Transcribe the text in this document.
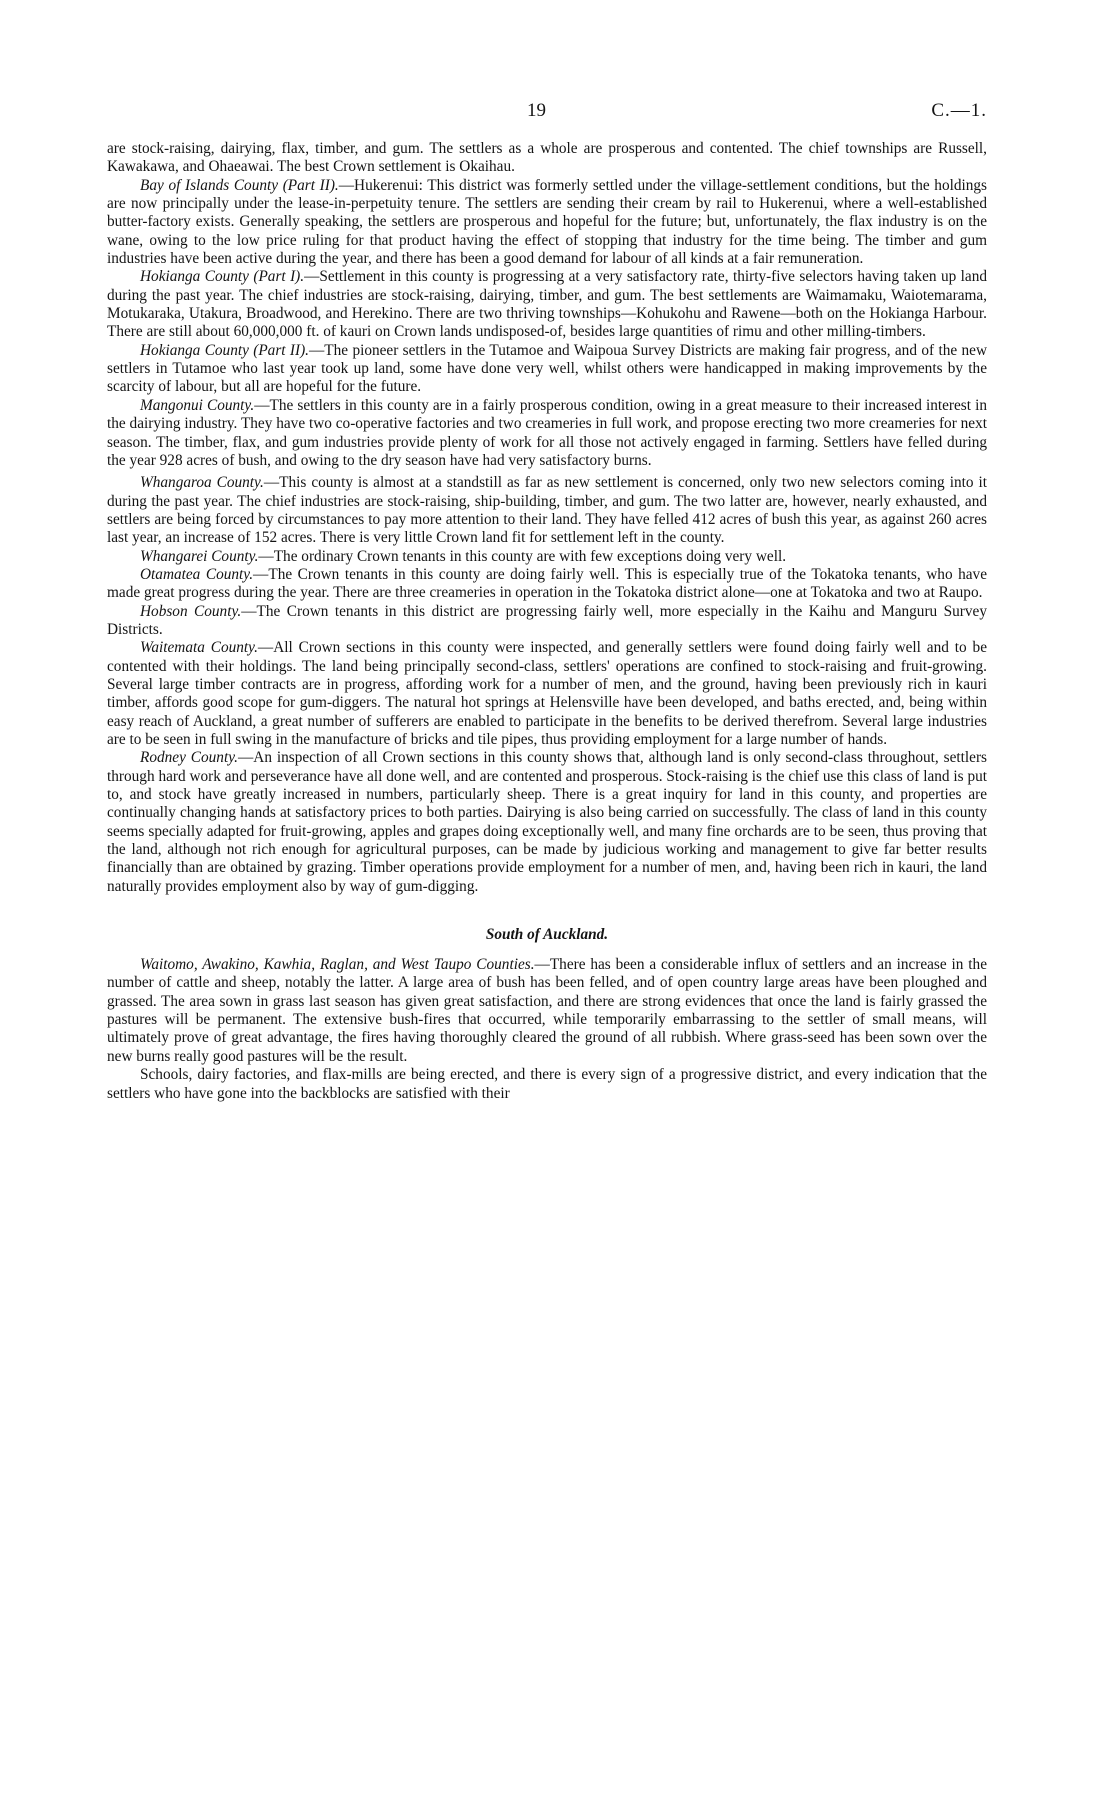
19	C.—1.

are stock-raising, dairying, flax, timber, and gum. The settlers as a whole are prosperous and contented. The chief townships are Russell, Kawakawa, and Ohaeawai. The best Crown settlement is Okaihau.

Bay of Islands County (Part II).—Hukerenui: This district was formerly settled under the village-settlement conditions, but the holdings are now principally under the lease-in-perpetuity tenure. The settlers are sending their cream by rail to Hukerenui, where a well-established butter-factory exists. Generally speaking, the settlers are prosperous and hopeful for the future; but, unfortunately, the flax industry is on the wane, owing to the low price ruling for that product having the effect of stopping that industry for the time being. The timber and gum industries have been active during the year, and there has been a good demand for labour of all kinds at a fair remuneration.

Hokianga County (Part I).—Settlement in this county is progressing at a very satisfactory rate, thirty-five selectors having taken up land during the past year. The chief industries are stock-raising, dairying, timber, and gum. The best settlements are Waimamaku, Waiotemarama, Motukaraka, Utakura, Broadwood, and Herekino. There are two thriving townships—Kohukohu and Rawene—both on the Hokianga Harbour. There are still about 60,000,000 ft. of kauri on Crown lands undisposed-of, besides large quantities of rimu and other milling-timbers.

Hokianga County (Part II).—The pioneer settlers in the Tutamoe and Waipoua Survey Districts are making fair progress, and of the new settlers in Tutamoe who last year took up land, some have done very well, whilst others were handicapped in making improvements by the scarcity of labour, but all are hopeful for the future.

Mangonui County.—The settlers in this county are in a fairly prosperous condition, owing in a great measure to their increased interest in the dairying industry. They have two co-operative factories and two creameries in full work, and propose erecting two more creameries for next season. The timber, flax, and gum industries provide plenty of work for all those not actively engaged in farming. Settlers have felled during the year 928 acres of bush, and owing to the dry season have had very satisfactory burns.

Whangaroa County.—This county is almost at a standstill as far as new settlement is concerned, only two new selectors coming into it during the past year. The chief industries are stock-raising, ship-building, timber, and gum. The two latter are, however, nearly exhausted, and settlers are being forced by circumstances to pay more attention to their land. They have felled 412 acres of bush this year, as against 260 acres last year, an increase of 152 acres. There is very little Crown land fit for settlement left in the county.

Whangarei County.—The ordinary Crown tenants in this county are with few exceptions doing very well.

Otamatea County.—The Crown tenants in this county are doing fairly well. This is especially true of the Tokatoka tenants, who have made great progress during the year. There are three creameries in operation in the Tokatoka district alone—one at Tokatoka and two at Raupo.

Hobson County.—The Crown tenants in this district are progressing fairly well, more especially in the Kaihu and Manguru Survey Districts.

Waitemata County.—All Crown sections in this county were inspected, and generally settlers were found doing fairly well and to be contented with their holdings. The land being principally second-class, settlers' operations are confined to stock-raising and fruit-growing. Several large timber contracts are in progress, affording work for a number of men, and the ground, having been previously rich in kauri timber, affords good scope for gum-diggers. The natural hot springs at Helensville have been developed, and baths erected, and, being within easy reach of Auckland, a great number of sufferers are enabled to participate in the benefits to be derived therefrom. Several large industries are to be seen in full swing in the manufacture of bricks and tile pipes, thus providing employment for a large number of hands.

Rodney County.—An inspection of all Crown sections in this county shows that, although land is only second-class throughout, settlers through hard work and perseverance have all done well, and are contented and prosperous. Stock-raising is the chief use this class of land is put to, and stock have greatly increased in numbers, particularly sheep. There is a great inquiry for land in this county, and properties are continually changing hands at satisfactory prices to both parties. Dairying is also being carried on successfully. The class of land in this county seems specially adapted for fruit-growing, apples and grapes doing exceptionally well, and many fine orchards are to be seen, thus proving that the land, although not rich enough for agricultural purposes, can be made by judicious working and management to give far better results financially than are obtained by grazing. Timber operations provide employment for a number of men, and, having been rich in kauri, the land naturally provides employment also by way of gum-digging.

South of Auckland.

Waitomo, Awakino, Kawhia, Raglan, and West Taupo Counties.—There has been a considerable influx of settlers and an increase in the number of cattle and sheep, notably the latter. A large area of bush has been felled, and of open country large areas have been ploughed and grassed. The area sown in grass last season has given great satisfaction, and there are strong evidences that once the land is fairly grassed the pastures will be permanent. The extensive bush-fires that occurred, while temporarily embarrassing to the settler of small means, will ultimately prove of great advantage, the fires having thoroughly cleared the ground of all rubbish. Where grass-seed has been sown over the new burns really good pastures will be the result.

Schools, dairy factories, and flax-mills are being erected, and there is every sign of a progressive district, and every indication that the settlers who have gone into the backblocks are satisfied with their
